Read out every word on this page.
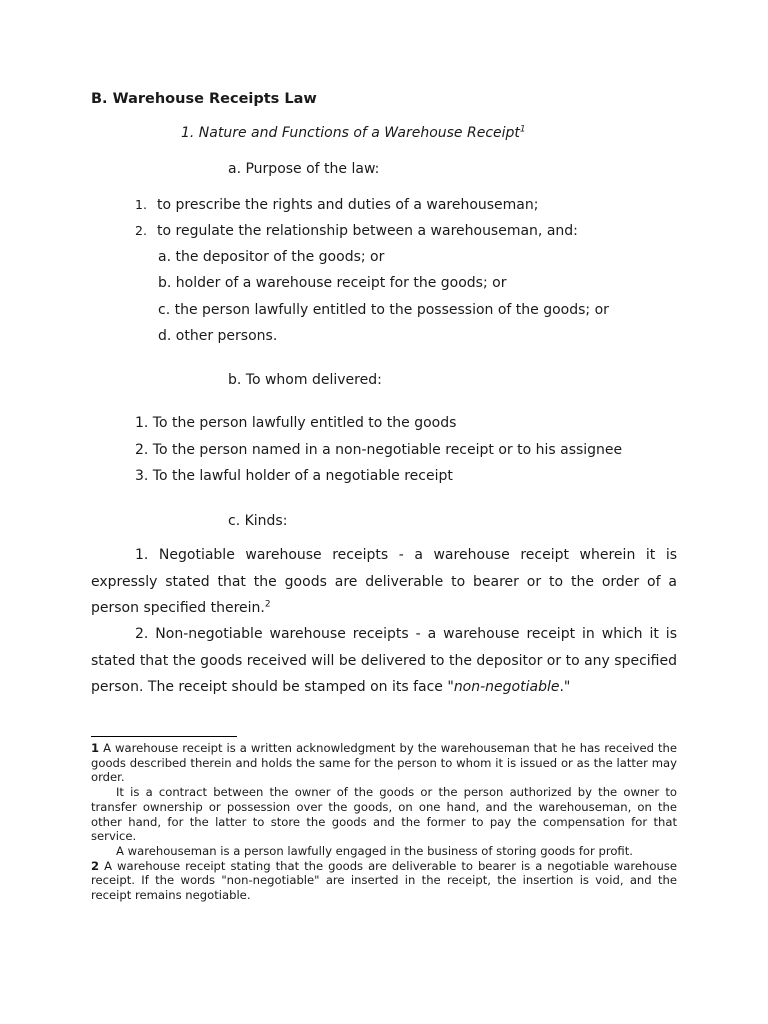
B. Warehouse Receipts Law
1. Nature and Functions of a Warehouse Receipt$^1$
a. Purpose of the law:
1. to prescribe the rights and duties of a warehouseman;
2. to regulate the relationship between a warehouseman, and:
a. the depositor of the goods; or
b. holder of a warehouse receipt for the goods; or
c. the person lawfully entitled to the possession of the goods; or
d. other persons.
b. To whom delivered:
1. To the person lawfully entitled to the goods
2. To the person named in a non-negotiable receipt or to his assignee
3. To the lawful holder of a negotiable receipt
c. Kinds:
1. Negotiable warehouse receipts - a warehouse receipt wherein it is expressly stated that the goods are deliverable to bearer or to the order of a person specified therein.$^2$
2. Non-negotiable warehouse receipts - a warehouse receipt in which it is stated that the goods received will be delivered to the depositor or to any specified person. The receipt should be stamped on its face "non-negotiable."
1 A warehouse receipt is a written acknowledgment by the warehouseman that he has received the goods described therein and holds the same for the person to whom it is issued or as the latter may order.
It is a contract between the owner of the goods or the person authorized by the owner to transfer ownership or possession over the goods, on one hand, and the warehouseman, on the other hand, for the latter to store the goods and the former to pay the compensation for that service.
A warehouseman is a person lawfully engaged in the business of storing goods for profit.
2 A warehouse receipt stating that the goods are deliverable to bearer is a negotiable warehouse receipt. If the words "non-negotiable" are inserted in the receipt, the insertion is void, and the receipt remains negotiable.
